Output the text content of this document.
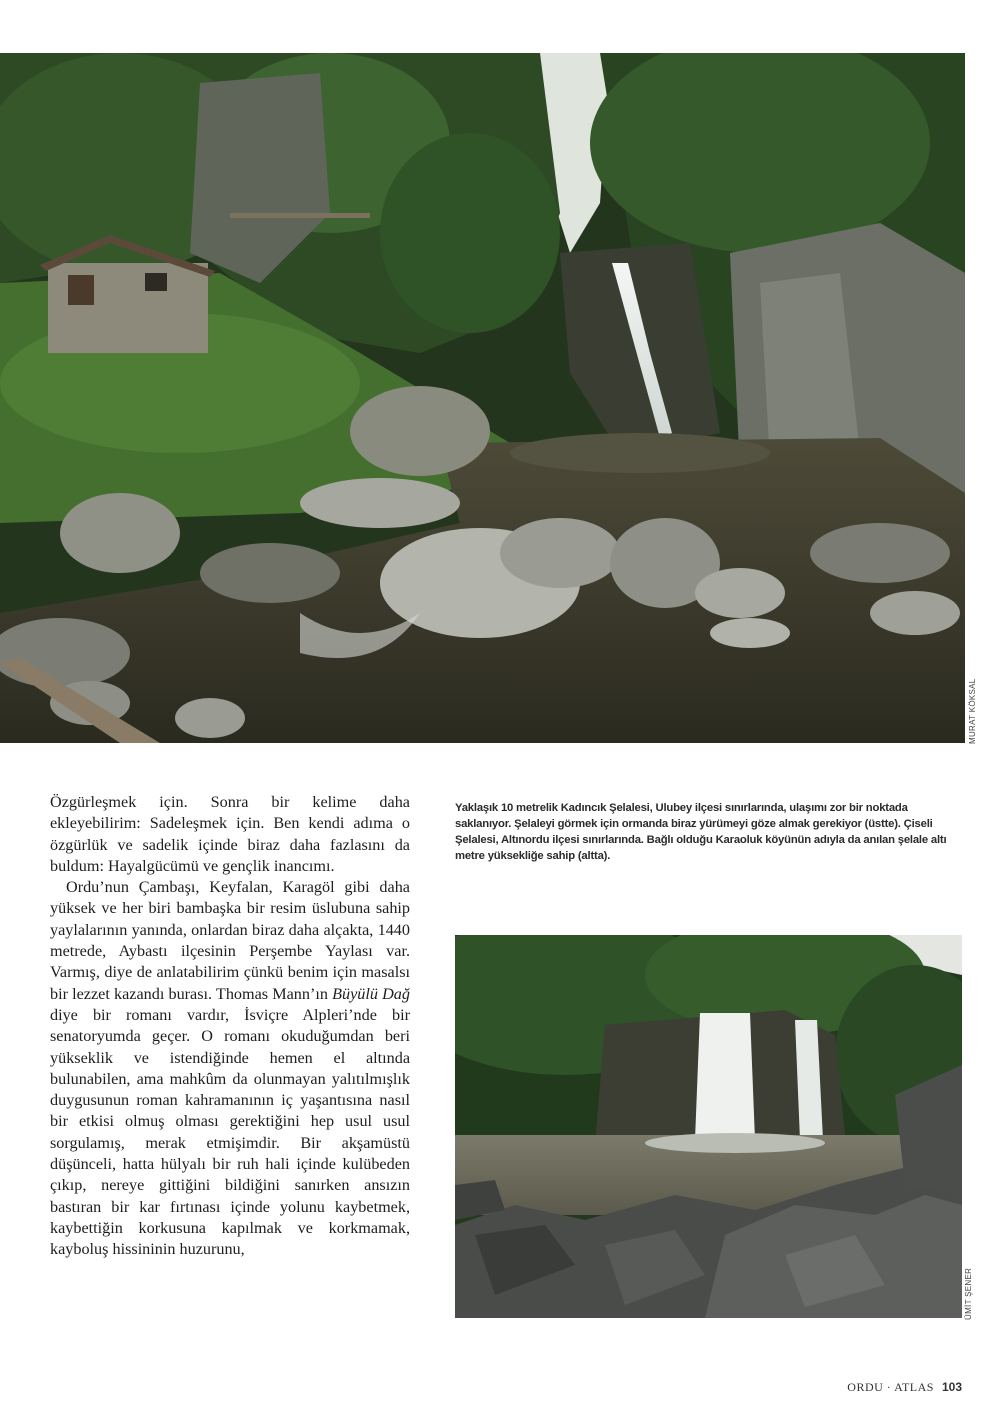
MURAT KÖKSAL

Özgürleşmek için. Sonra bir kelime daha ekleyebilirim: Sadeleşmek için. Ben kendi adıma o özgürlük ve sadelik içinde biraz daha fazlasını da buldum: Hayalgücümü ve gençlik inancımı.

Ordu’nun Çambaşı, Keyfalan, Karagöl gibi daha yüksek ve her biri bambaşka bir resim üslubuna sahip yaylalarının yanında, onlardan biraz daha alçakta, 1440 metrede, Aybastı ilçesinin Perşembe Yaylası var. Varmış, diye de anlatabilirim çünkü benim için masalsı bir lezzet kazandı burası. Thomas Mann’ın Büyülü Dağ diye bir romanı vardır, İsviçre Alpleri’nde bir senatoryumda geçer. O romanı okuduğumdan beri yükseklik ve istendiğinde hemen el altında bulunabilen, ama mahkûm da olunmayan yalıtılmışlık duygusunun roman kahramanının iç yaşantısına nasıl bir etkisi olmuş olması gerektiğini hep usul usul sorgulamış, merak etmişimdir. Bir akşamüstü düşünceli, hatta hülyalı bir ruh hali içinde kulübeden çıkıp, nereye gittiğini bildiğini sanırken ansızın bastıran bir kar fırtınası içinde yolunu kaybetmek, kaybettiğin korkusuna kapılmak ve korkmamak, kayboluş hissininin huzurunu,

Yaklaşık 10 metrelik Kadıncık Şelalesi, Ulubey ilçesi sınırlarında, ulaşımı zor bir noktada saklanıyor. Şelaleyi görmek için ormanda biraz yürümeyi göze almak gerekiyor (üstte). Çiseli Şelalesi, Altınordu ilçesi sınırlarında. Bağlı olduğu Karaoluk köyünün adıyla da anılan şelale altı metre yüksekliğe sahip (altta).

ÜMİT ŞENER
ORDU · ATLAS 103
